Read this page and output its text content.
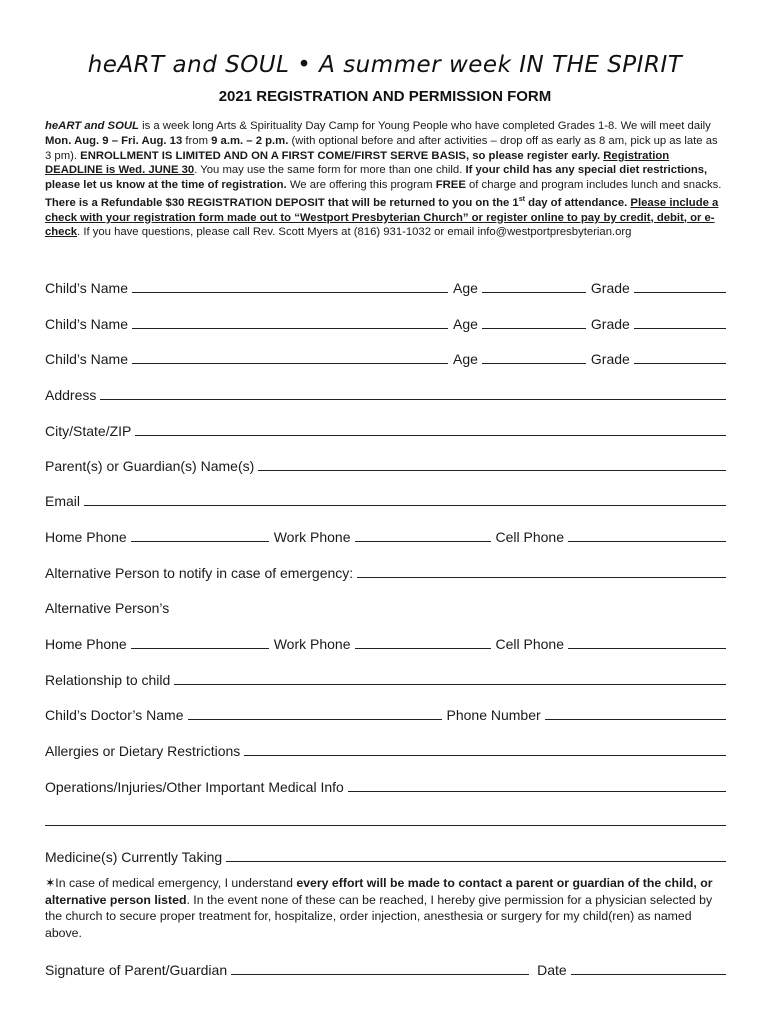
heART and SOUL • A summer week IN THE SPIRIT
2021 REGISTRATION AND PERMISSION FORM
heART and SOUL is a week long Arts & Spirituality Day Camp for Young People who have completed Grades 1-8. We will meet daily Mon. Aug. 9 – Fri. Aug. 13 from 9 a.m. – 2 p.m. (with optional before and after activities – drop off as early as 8 am, pick up as late as 3 pm). ENROLLMENT IS LIMITED AND ON A FIRST COME/FIRST SERVE BASIS, so please register early. Registration DEADLINE is Wed. JUNE 30. You may use the same form for more than one child. If your child has any special diet restrictions, please let us know at the time of registration. We are offering this program FREE of charge and program includes lunch and snacks. There is a Refundable $30 REGISTRATION DEPOSIT that will be returned to you on the 1st day of attendance. Please include a check with your registration form made out to “Westport Presbyterian Church” or register online to pay by credit, debit, or e-check. If you have questions, please call Rev. Scott Myers at (816) 931-1032 or email info@westportpresbyterian.org
Child’s Name	Age	Grade
Child’s Name	Age	Grade
Child’s Name	Age	Grade
Address
City/State/ZIP
Parent(s) or Guardian(s) Name(s)
Email
Home Phone	Work Phone	Cell Phone
Alternative Person to notify in case of emergency:
Alternative Person’s
Home Phone	Work Phone	Cell Phone
Relationship to child
Child’s Doctor’s Name	Phone Number
Allergies or Dietary Restrictions
Operations/Injuries/Other Important Medical Info
Medicine(s) Currently Taking
✶In case of medical emergency, I understand every effort will be made to contact a parent or guardian of the child, or alternative person listed. In the event none of these can be reached, I hereby give permission for a physician selected by the church to secure proper treatment for, hospitalize, order injection, anesthesia or surgery for my child(ren) as named above.
Signature of Parent/Guardian	Date
